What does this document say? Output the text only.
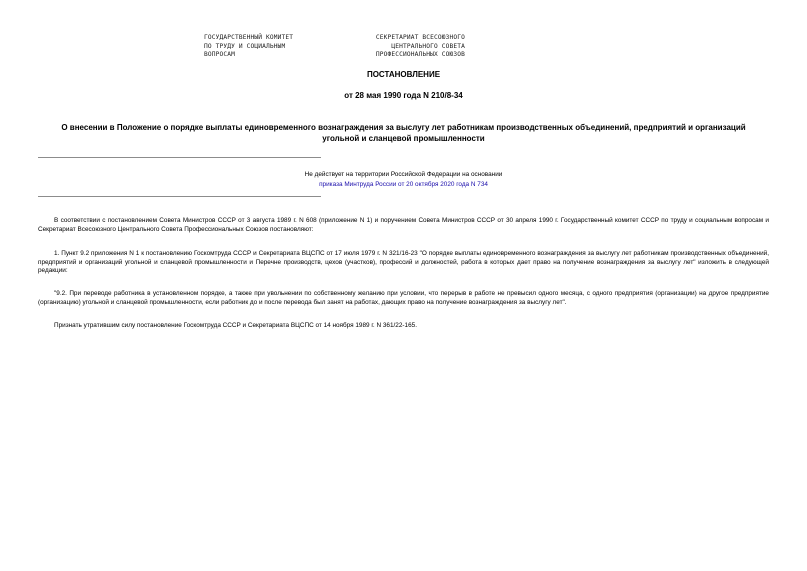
ГОСУДАРСТВЕННЫЙ КОМИТЕТ
ПО ТРУДУ И СОЦИАЛЬНЫМ
ВОПРОСАМ
СЕКРЕТАРИАТ ВСЕСОЮЗНОГО
ЦЕНТРАЛЬНОГО СОВЕТА
ПРОФЕССИОНАЛЬНЫХ СОЮЗОВ
ПОСТАНОВЛЕНИЕ
от 28 мая 1990 года N 210/8-34
О внесении в Положение о порядке выплаты единовременного вознаграждения за выслугу лет работникам производственных объединений, предприятий и организаций угольной и сланцевой промышленности
Не действует на территории Российской Федерации на основании
приказа Минтруда России от 20 октября 2020 года N 734

В соответствии с постановлением Совета Министров СССР от 3 августа 1989 г. N 608 (приложение N 1) и поручением Совета Министров СССР от 30 апреля 1990 г. Государственный комитет СССР по труду и социальным вопросам и Секретариат Всесоюзного Центрального Совета Профессиональных Союзов постановляют:

1. Пункт 9.2 приложения N 1 к постановлению Госкомтруда СССР и Секретариата ВЦСПС от 17 июля 1979 г. N 321/16-23 "О порядке выплаты единовременного вознаграждения за выслугу лет работникам производственных объединений, предприятий и организаций угольной и сланцевой промышленности и Перечне производств, цехов (участков), профессий и должностей, работа в которых дает право на получение вознаграждения за выслугу лет" изложить в следующей редакции:

"9.2. При переводе работника в установленном порядке, а также при увольнении по собственному желанию при условии, что перерыв в работе не превысил одного месяца, с одного предприятия (организации) на другое предприятие (организацию) угольной и сланцевой промышленности, если работник до и после перевода был занят на работах, дающих право на получение вознаграждения за выслугу лет".

Признать утратившим силу постановление Госкомтруда СССР и Секретариата ВЦСПС от 14 ноября 1989 г. N 361/22-165.
